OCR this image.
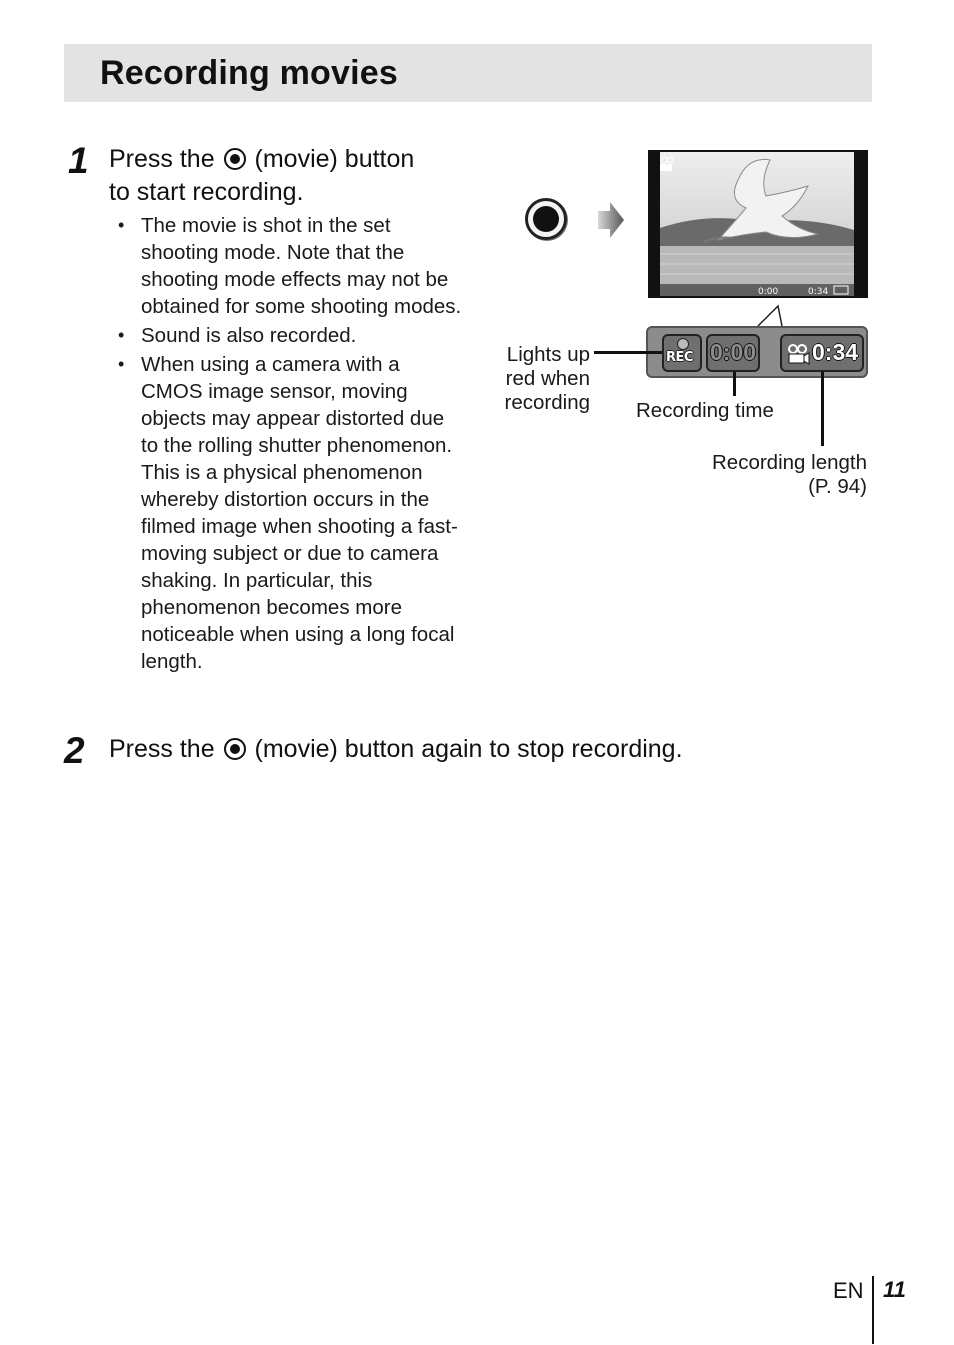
Recording movies
1 Press the (movie) button
to start recording.
• The movie is shot in the set shooting mode. Note that the shooting mode effects may not be obtained for some shooting modes.
• Sound is also recorded.
• When using a camera with a CMOS image sensor, moving objects may appear distorted due to the rolling shutter phenomenon. This is a physical phenomenon whereby distortion occurs in the filmed image when shooting a fast-moving subject or due to camera shaking. In particular, this phenomenon becomes more noticeable when using a long focal length.
0:00	0:34
REC 0:00 0:34
Lights up
red when
recording Recording time
Recording length
(P. 94)
2 Press the (movie) button again to stop recording.
EN 11
